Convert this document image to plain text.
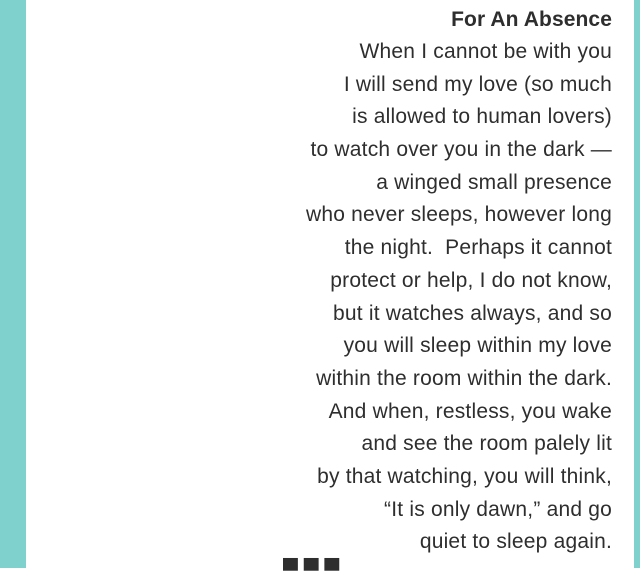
For An Absence
When I cannot be with you
I will send my love (so much
is allowed to human lovers)
to watch over you in the dark —
a winged small presence
who never sleeps, however long
the night.  Perhaps it cannot
protect or help, I do not know,
but it watches always, and so
you will sleep within my love
within the room within the dark.
And when, restless, you wake
and see the room palely lit
by that watching, you will think,
“It is only dawn,” and go
quiet to sleep again.
▀ ▀ ▀
